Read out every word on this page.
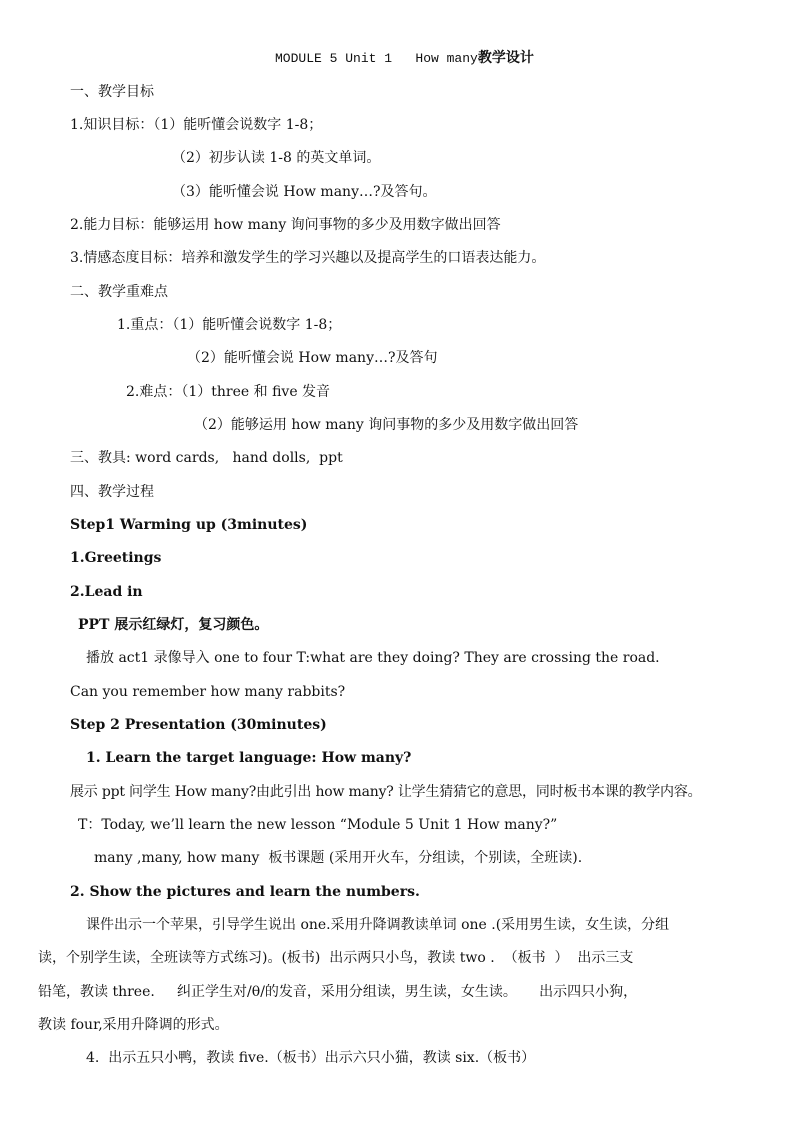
MODULE 5 Unit 1   How many教学设计
一、教学目标
1.知识目标：（1）能听懂会说数字 1-8；
（2）初步认读 1-8 的英文单词。
（3）能听懂会说 How many…?及答句。
2.能力目标：能够运用 how many 询问事物的多少及用数字做出回答
3.情感态度目标：培养和激发学生的学习兴趣以及提高学生的口语表达能力。
二、教学重难点
1.重点：（1）能听懂会说数字 1-8；
（2）能听懂会说 How many…?及答句
2.难点：（1）three 和 five 发音
（2）能够运用 how many 询问事物的多少及用数字做出回答
三、教具: word cards,   hand dolls,  ppt
四、教学过程
Step1 Warming up (3minutes)
1.Greetings
2.Lead in
PPT 展示红绿灯，复习颜色。
播放 act1 录像导入 one to four T:what are they doing? They are crossing the road.
Can you remember how many rabbits?
Step 2 Presentation (30minutes)
1. Learn the target language: How many?
展示 ppt 问学生 How many?由此引出 how many? 让学生猜猜它的意思，同时板书本课的教学内容。
T：Today, we’ll learn the new lesson “Module 5 Unit 1 How many?”
many ,many, how many  板书课题 (采用开火车，分组读，个别读，全班读).
2. Show the pictures and learn the numbers.
课件出示一个苹果，引导学生说出 one.采用升降调教读单词 one .(采用男生读，女生读，分组
读，个别学生读，全班读等方式练习)。(板书)  出示两只小鸟，教读 two .  （板书  ）  出示三支
铅笔，教读 three.     纠正学生对/θ/的发音，采用分组读，男生读，女生读。     出示四只小狗，
教读 four,采用升降调的形式。
4.  出示五只小鸭，教读 five.（板书）出示六只小猫，教读 six.（板书）
